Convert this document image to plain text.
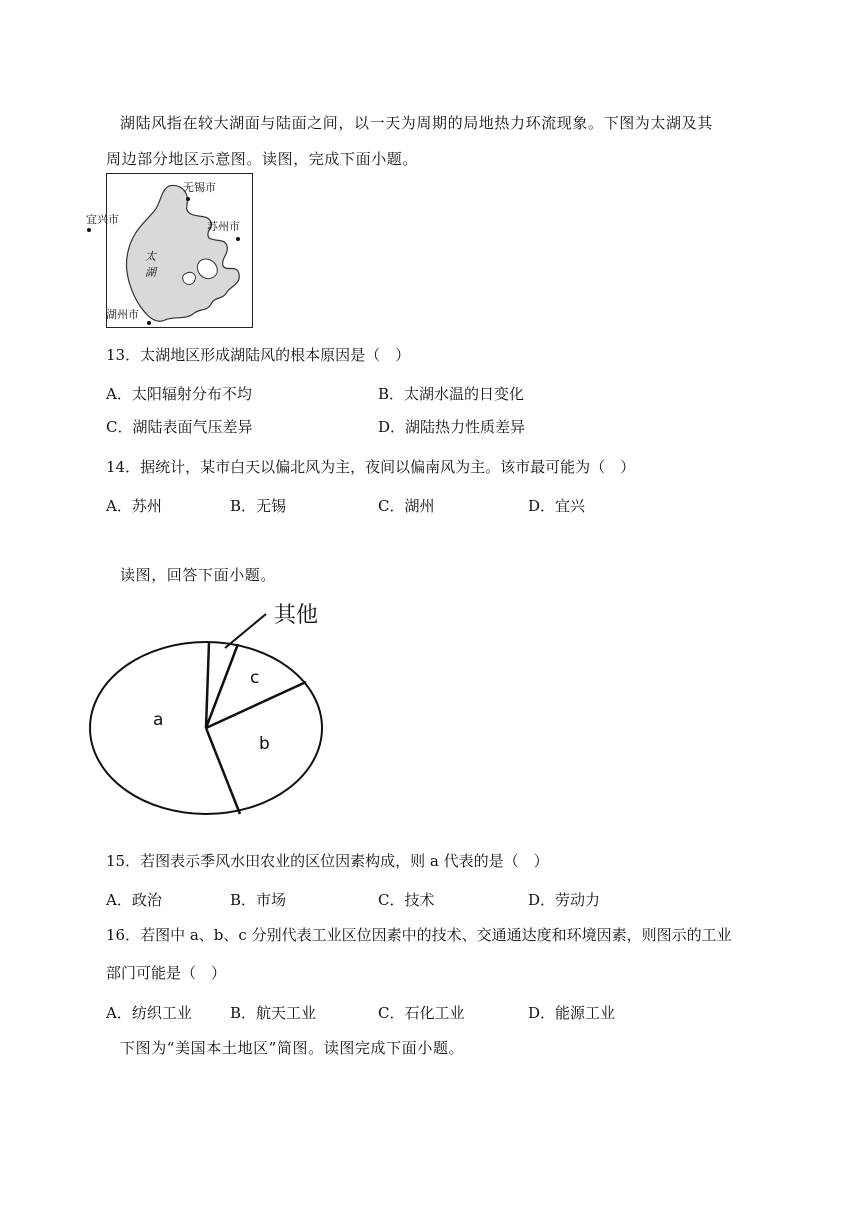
湖陆风指在较大湖面与陆面之间，以一天为周期的局地热力环流现象。下图为太湖及其
周边部分地区示意图。读图，完成下面小题。
无锡市
苏州市
湖州市
太
湖
宜兴市
13．太湖地区形成湖陆风的根本原因是（　）
A．太阳辐射分布不均	B．太湖水温的日变化
C．湖陆表面气压差异	D．湖陆热力性质差异
14．据统计，某市白天以偏北风为主，夜间以偏南风为主。该市最可能为（　）
A．苏州	B．无锡	C．湖州	D．宜兴
读图，回答下面小题。
其他
c
b
a
15．若图表示季风水田农业的区位因素构成，则 a 代表的是（　）
A．政治	B．市场	C．技术	D．劳动力
16．若图中 a、b、c 分别代表工业区位因素中的技术、交通通达度和环境因素，则图示的工业
部门可能是（　）
A．纺织工业	B．航天工业	C．石化工业	D．能源工业
下图为“美国本土地区”简图。读图完成下面小题。
